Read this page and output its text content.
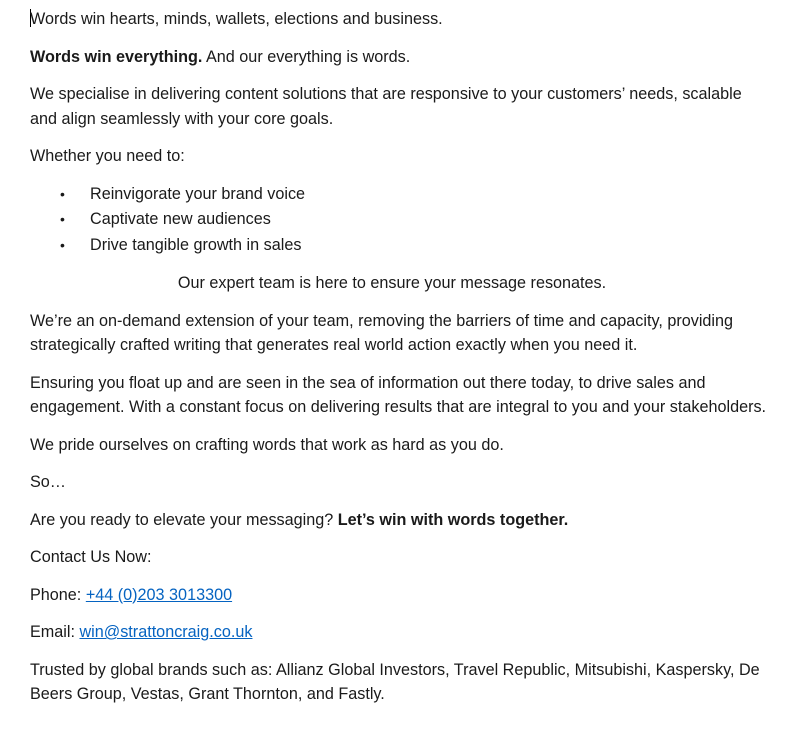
Words win hearts, minds, wallets, elections and business.

Words win everything. And our everything is words.

We specialise in delivering content solutions that are responsive to your customers’ needs, scalable and align seamlessly with your core goals.

Whether you need to:

• Reinvigorate your brand voice
• Captivate new audiences
• Drive tangible growth in sales

Our expert team is here to ensure your message resonates.

We’re an on-demand extension of your team, removing the barriers of time and capacity, providing strategically crafted writing that generates real world action exactly when you need it.

Ensuring you float up and are seen in the sea of information out there today, to drive sales and engagement. With a constant focus on delivering results that are integral to you and your stakeholders.

We pride ourselves on crafting words that work as hard as you do.

So…

Are you ready to elevate your messaging? Let’s win with words together.

Contact Us Now:

Phone: +44 (0)203 3013300

Email: win@strattoncraig.co.uk

Trusted by global brands such as: Allianz Global Investors, Travel Republic, Mitsubishi, Kaspersky, De Beers Group, Vestas, Grant Thornton, and Fastly.
